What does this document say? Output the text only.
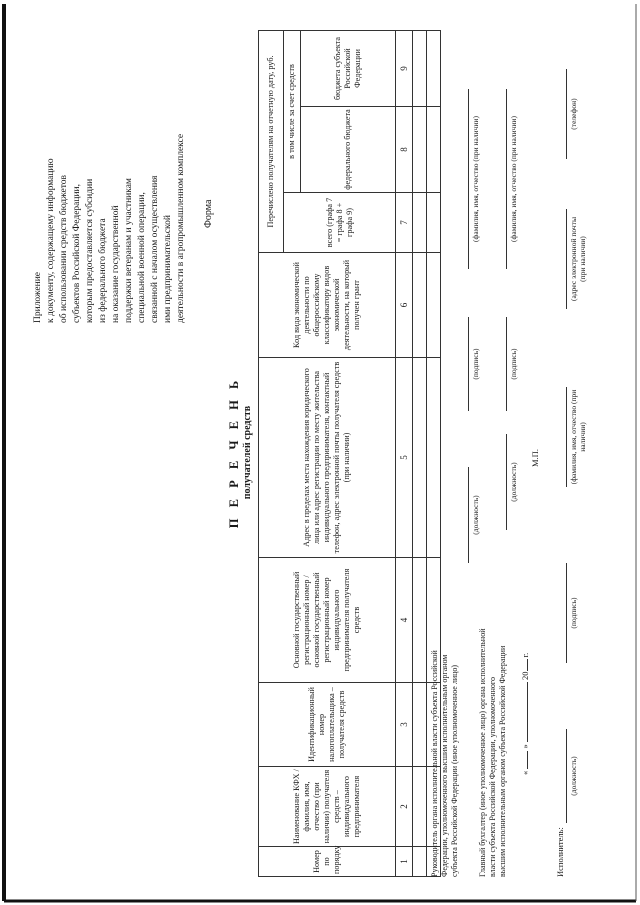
Приложение к документу, содержащему информацию об использовании средств бюджетов субъектов Российской Федерации, которым предоставляется субсидии из федерального бюджета на оказание государственной поддержки ветеранам и участникам специальной военной операции, связанной с началом осуществления ими предпринимательской деятельности в агропромышленном комплексе Форма
П Е Р Е Ч Е Н Ь получателей средств
Номер по порядку	Наименование КФХ / фамилия, имя, отчество (при наличии) получателя средств – индивидуального предпринимателя	Идентификационный номер налогоплательщика – получателя средств	Основной государственный регистрационный номер / основной государственный регистрационный номер индивидуального предпринимателя получателя средств	Адрес в пределах места нахождения юридического лица или адрес регистрации по месту жительства индивидуального предпринимателя, контактный телефон, адрес электронной почты получателя средств (при наличии)	Код вида экономической деятельности по общероссийскому классификатору видов экономической деятельности, на который получен грант	Перечислено получателям на отчетную дату, руб.		
						всего (графа 7 = графа 8 + графа 9)	в том числе за счет средств	
							федерального бюджета	бюджета субъекта Российской Федерации
1	2	3	4	5	6	7	8	9

Руководитель органа исполнительной власти субъекта Российской Федерации, уполномоченного высшим исполнительным органом субъекта Российской Федерации (иное уполномоченное лицо)
(должность)
(подпись)
(фамилия, имя, отчество (при наличии)
Главный бухгалтер (иное уполномоченное лицо) органа исполнительной власти субъекта Российской Федерации, уполномоченного высшим исполнительным органом субъекта Российской Федерации
(должность)
(подпись)
(фамилия, имя, отчество (при наличии)
«  »  20 г.
М.П.
Исполнитель:
(должность)
(подпись)
(фамилия, имя, отчество (при наличии)
(адрес электронной почты (при наличии)
(телефон)
